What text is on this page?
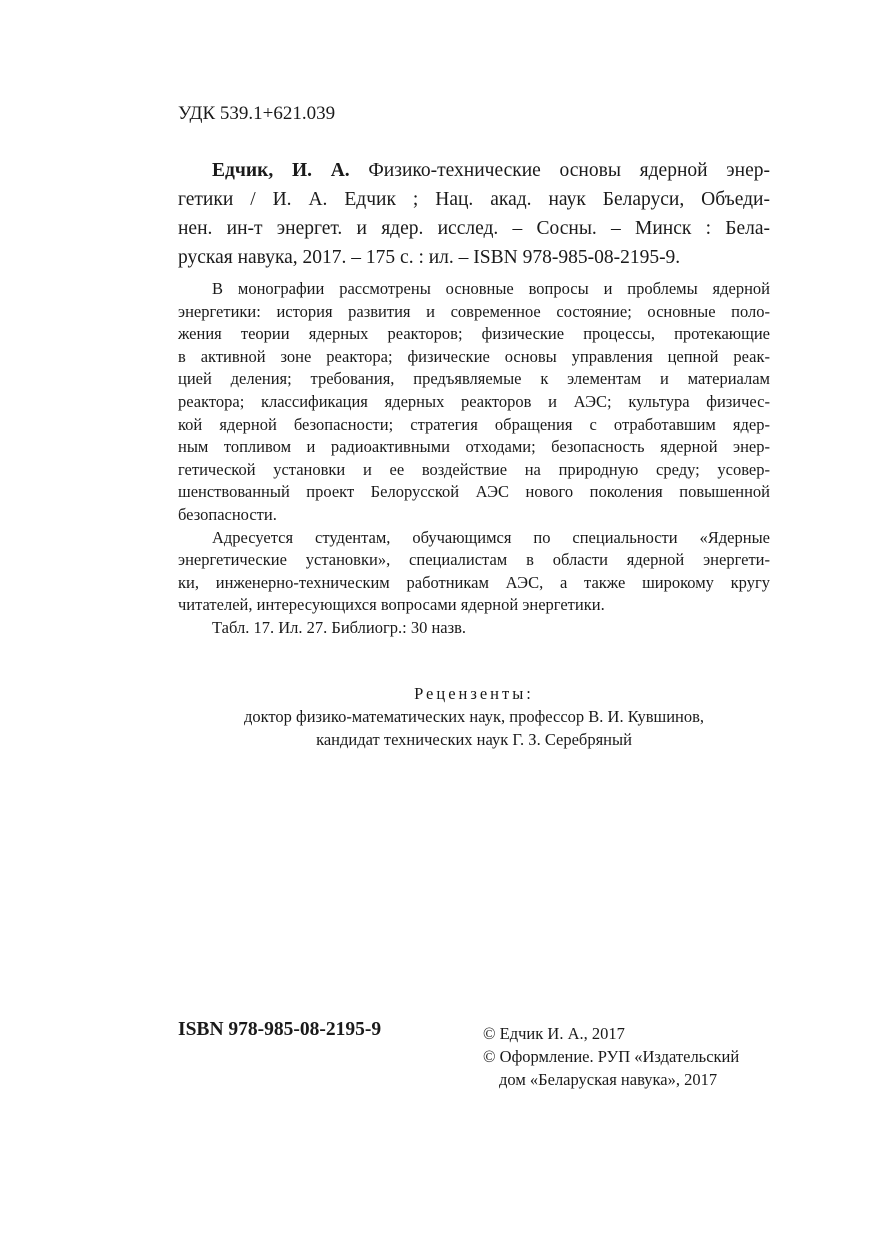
УДК 539.1+621.039
Едчик, И. А. Физико-технические основы ядерной энер-
гетики / И. А. Едчик ; Нац. акад. наук Беларуси, Объеди-
нен. ин-т энергет. и ядер. исслед. – Сосны. – Минск : Бела-
руская навука, 2017. – 175 с. : ил. – ISBN 978-985-08-2195-9.
В монографии рассмотрены основные вопросы и проблемы ядерной
энергетики: история развития и современное состояние; основные поло-
жения теории ядерных реакторов; физические процессы, протекающие
в активной зоне реактора; физические основы управления цепной реак-
цией деления; требования, предъявляемые к элементам и материалам
реактора; классификация ядерных реакторов и АЭС; культура физичес-
кой ядерной безопасности; стратегия обращения с отработавшим ядер-
ным топливом и радиоактивными отходами; безопасность ядерной энер-
гетической установки и ее воздействие на природную среду; усовер-
шенствованный проект Белорусской АЭС нового поколения повышенной
безопасности.
Адресуется студентам, обучающимся по специальности «Ядерные
энергетические установки», специалистам в области ядерной энергети-
ки, инженерно-техническим работникам АЭС, а также широкому кругу
читателей, интересующихся вопросами ядерной энергетики.
Табл. 17. Ил. 27. Библиогр.: 30 назв.
Рецензенты:
доктор физико-математических наук, профессор В. И. Кувшинов,
кандидат технических наук Г. З. Серебряный
ISBN 978-985-08-2195-9	© Едчик И. А., 2017
© Оформление. РУП «Издательский
дом «Беларуская навука», 2017
